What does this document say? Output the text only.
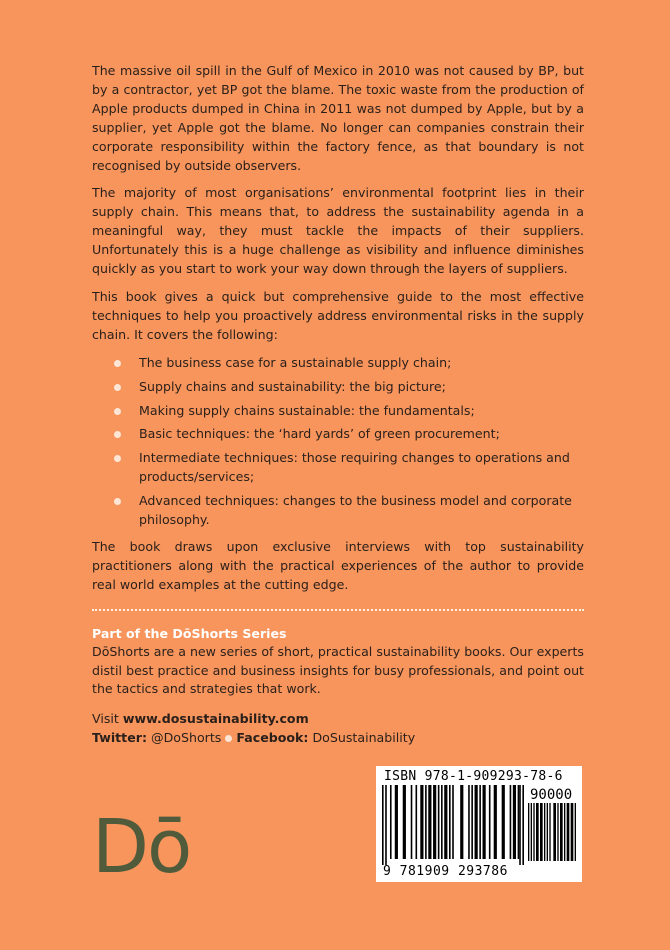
The massive oil spill in the Gulf of Mexico in 2010 was not caused by BP, but by a contractor, yet BP got the blame. The toxic waste from the production of Apple products dumped in China in 2011 was not dumped by Apple, but by a supplier, yet Apple got the blame. No longer can companies constrain their corporate responsibility within the factory fence, as that boundary is not recognised by outside observers.

The majority of most organisations’ environmental footprint lies in their supply chain. This means that, to address the sustainability agenda in a meaningful way, they must tackle the impacts of their suppliers. Unfortunately this is a huge challenge as visibility and influence diminishes quickly as you start to work your way down through the layers of suppliers.

This book gives a quick but comprehensive guide to the most effective techniques to help you proactively address environmental risks in the supply chain. It covers the following:

The business case for a sustainable supply chain;
Supply chains and sustainability: the big picture;
Making supply chains sustainable: the fundamentals;
Basic techniques: the ‘hard yards’ of green procurement;
Intermediate techniques: those requiring changes to operations and products/services;
Advanced techniques: changes to the business model and corporate philosophy.

The book draws upon exclusive interviews with top sustainability practitioners along with the practical experiences of the author to provide real world examples at the cutting edge.

Part of the DōShorts Series

DōShorts are a new series of short, practical sustainability books. Our experts distil best practice and business insights for busy professionals, and point out the tactics and strategies that work.

Visit www.dosustainability.com
Twitter: @DoShorts Facebook: DoSustainability
Dō
ISBN 978-1-909293-78-6
90000
9 781909 293786
